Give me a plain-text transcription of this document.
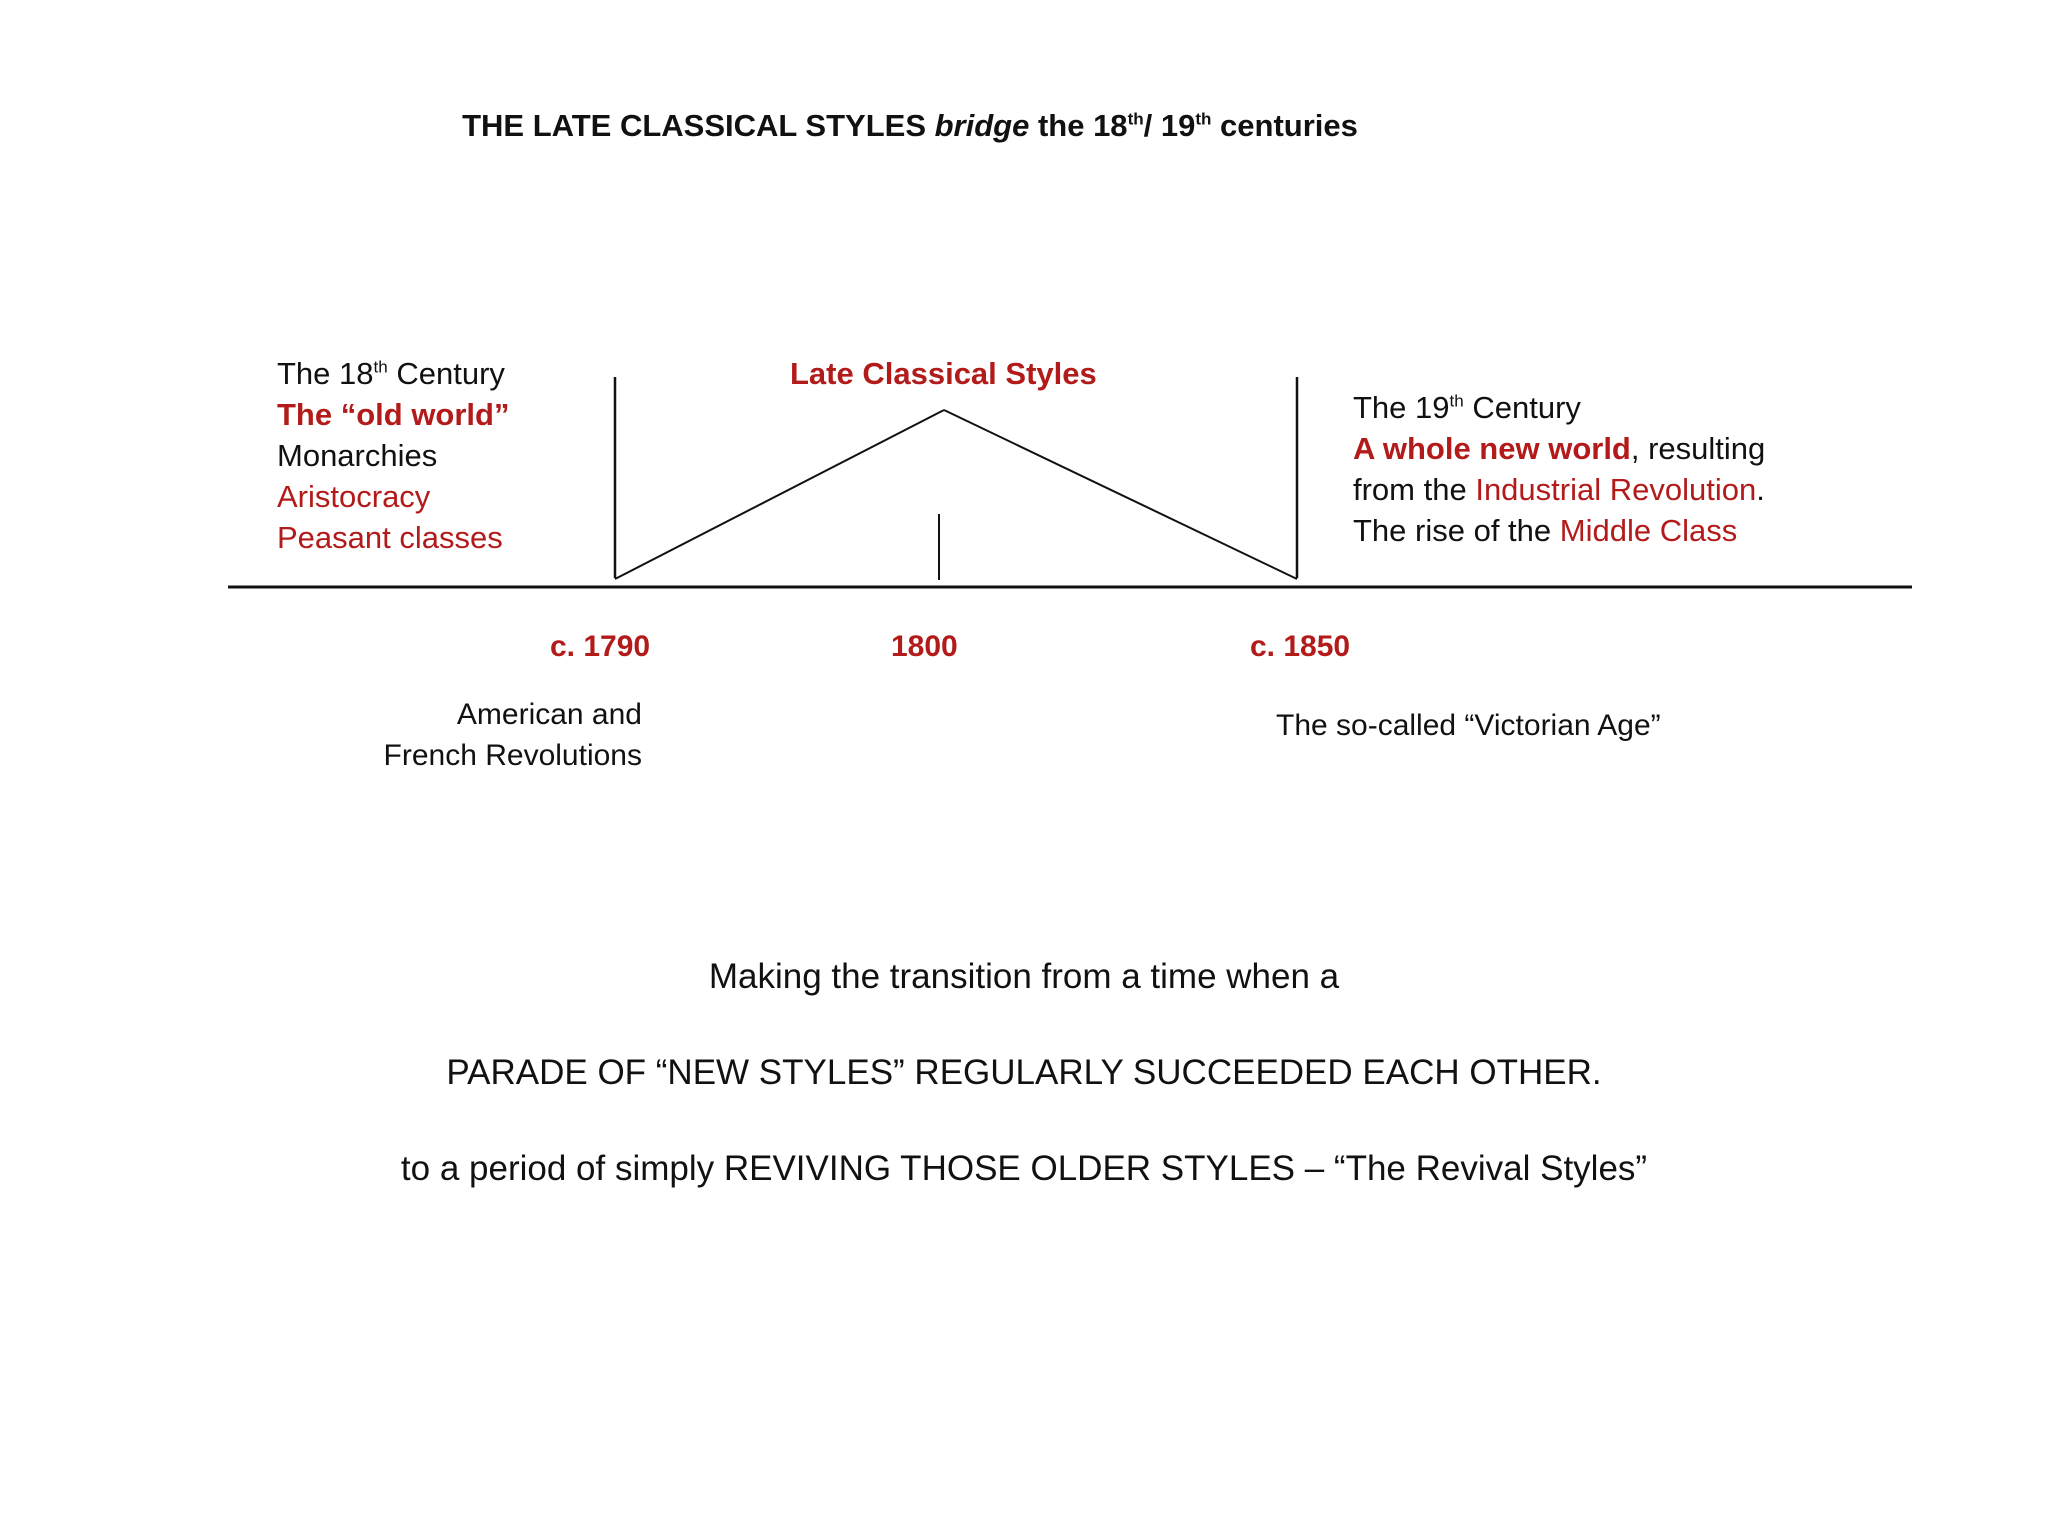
THE LATE CLASSICAL STYLES bridge the 18th/ 19th centuries
The 18th Century
The “old world”
Monarchies
Aristocracy
Peasant classes
Late Classical Styles
The 19th Century
A whole new world, resulting
from the Industrial Revolution.
The rise of the Middle Class
c. 1790	1800	c. 1850
American and
French Revolutions
The so-called “Victorian Age”
Making the transition from a time when a
PARADE OF “NEW STYLES” REGULARLY SUCCEEDED EACH OTHER.
to a period of simply REVIVING THOSE OLDER STYLES – “The Revival Styles”
